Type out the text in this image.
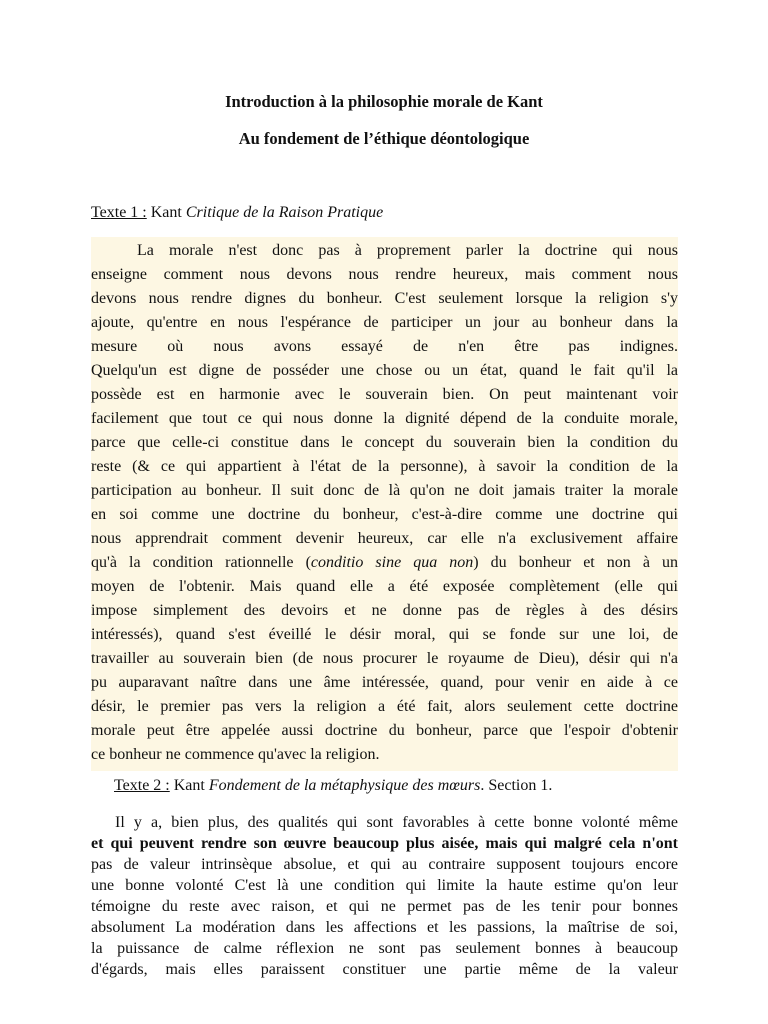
Introduction à la philosophie morale de Kant
Au fondement de l’éthique déontologique
Texte 1 : Kant Critique de la Raison Pratique
La morale n'est donc pas à proprement parler la doctrine qui nous
enseigne comment nous devons nous rendre heureux, mais comment nous
devons nous rendre dignes du bonheur. C'est seulement lorsque la religion s'y
ajoute, qu'entre en nous l'espérance de participer un jour au bonheur dans la
mesure où nous avons essayé de n'en être pas indignes.
Quelqu'un est digne de posséder une chose ou un état, quand le fait qu'il la
possède est en harmonie avec le souverain bien. On peut maintenant voir
facilement que tout ce qui nous donne la dignité dépend de la conduite morale,
parce que celle-ci constitue dans le concept du souverain bien la condition du
reste (& ce qui appartient à l'état de la personne), à savoir la condition de la
participation au bonheur. Il suit donc de là qu'on ne doit jamais traiter la morale
en soi comme une doctrine du bonheur, c'est-à-dire comme une doctrine qui
nous apprendrait comment devenir heureux, car elle n'a exclusivement affaire
qu'à la condition rationnelle (conditio sine qua non) du bonheur et non à un
moyen de l'obtenir. Mais quand elle a été exposée complètement (elle qui
impose simplement des devoirs et ne donne pas de règles à des désirs
intéressés), quand s'est éveillé le désir moral, qui se fonde sur une loi, de
travailler au souverain bien (de nous procurer le royaume de Dieu), désir qui n'a
pu auparavant naître dans une âme intéressée, quand, pour venir en aide à ce
désir, le premier pas vers la religion a été fait, alors seulement cette doctrine
morale peut être appelée aussi doctrine du bonheur, parce que l'espoir d'obtenir
ce bonheur ne commence qu'avec la religion.
Texte 2 : Kant Fondement de la métaphysique des mœurs. Section 1.
Il y a, bien plus, des qualités qui sont favorables à cette bonne volonté même
et qui peuvent rendre son œuvre beaucoup plus aisée, mais qui malgré cela n'ont
pas de valeur intrinsèque absolue, et qui au contraire supposent toujours encore
une bonne volonté C'est là une condition qui limite la haute estime qu'on leur
témoigne du reste avec raison, et qui ne permet pas de les tenir pour bonnes
absolument La modération dans les affections et les passions, la maîtrise de soi,
la puissance de calme réflexion ne sont pas seulement bonnes à beaucoup
d'égards, mais elles paraissent constituer une partie même de la valeur
